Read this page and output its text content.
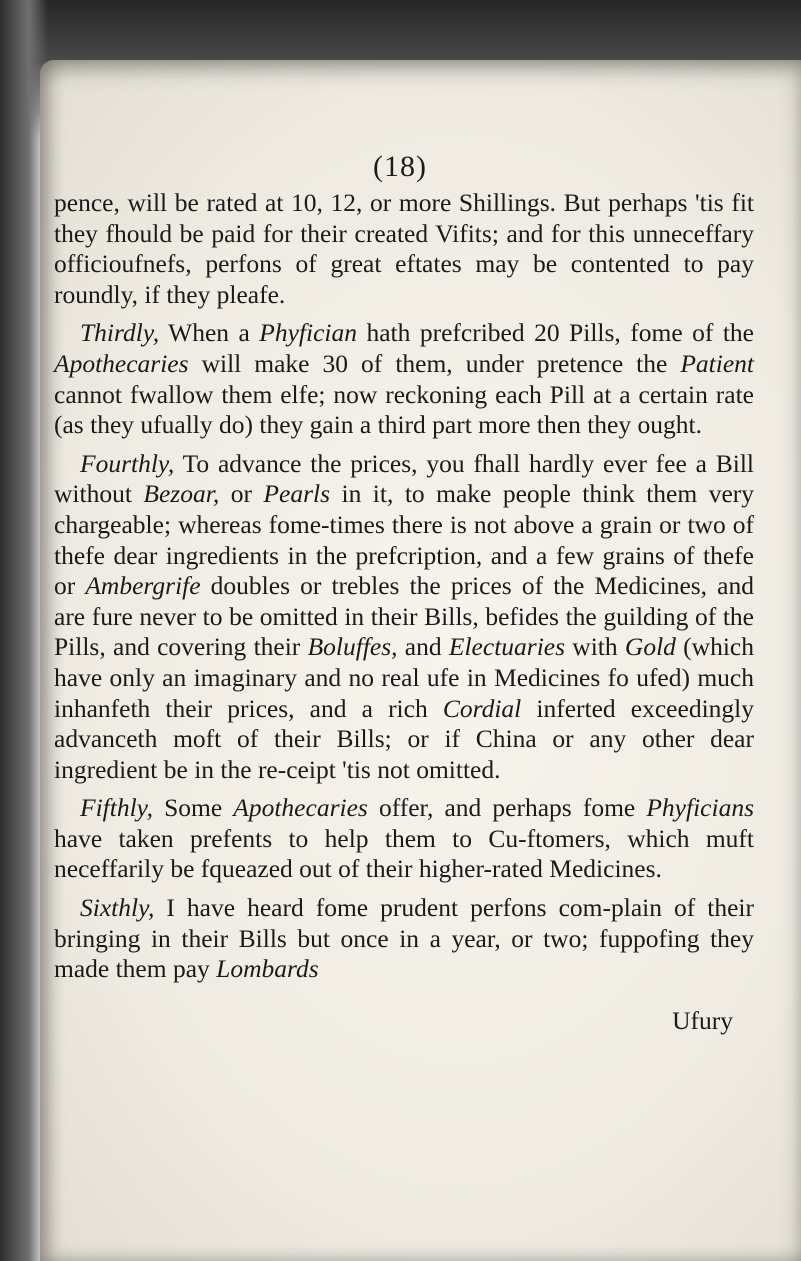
(18)

pence, will be rated at 10, 12, or more Shillings. But perhaps 'tis fit they fhould be paid for their created Vifits; and for this unneceffary officioufnefs, perfons of great eftates may be contented to pay roundly, if they pleafe.

Thirdly, When a Phyfician hath prefcribed 20 Pills, fome of the Apothecaries will make 30 of them, under pretence the Patient cannot fwallow them elfe; now reckoning each Pill at a certain rate (as they ufually do) they gain a third part more then they ought.

Fourthly, To advance the prices, you fhall hardly ever fee a Bill without Bezoar, or Pearls in it, to make people think them very chargeable; whereas fome-times there is not above a grain or two of thefe dear ingredients in the prefcription, and a few grains of thefe or Ambergrife doubles or trebles the prices of the Medicines, and are fure never to be omitted in their Bills, befides the guilding of the Pills, and covering their Boluffes, and Electuaries with Gold (which have only an imaginary and no real ufe in Medicines fo ufed) much inhanfeth their prices, and a rich Cordial inferted exceedingly advanceth moft of their Bills; or if China or any other dear ingredient be in the re-ceipt 'tis not omitted.

Fifthly, Some Apothecaries offer, and perhaps fome Phyficians have taken prefents to help them to Cu-ftomers, which muft neceffarily be fqueazed out of their higher-rated Medicines.

Sixthly, I have heard fome prudent perfons com-plain of their bringing in their Bills but once in a year, or two; fuppofing they made them pay Lombards

Ufury
